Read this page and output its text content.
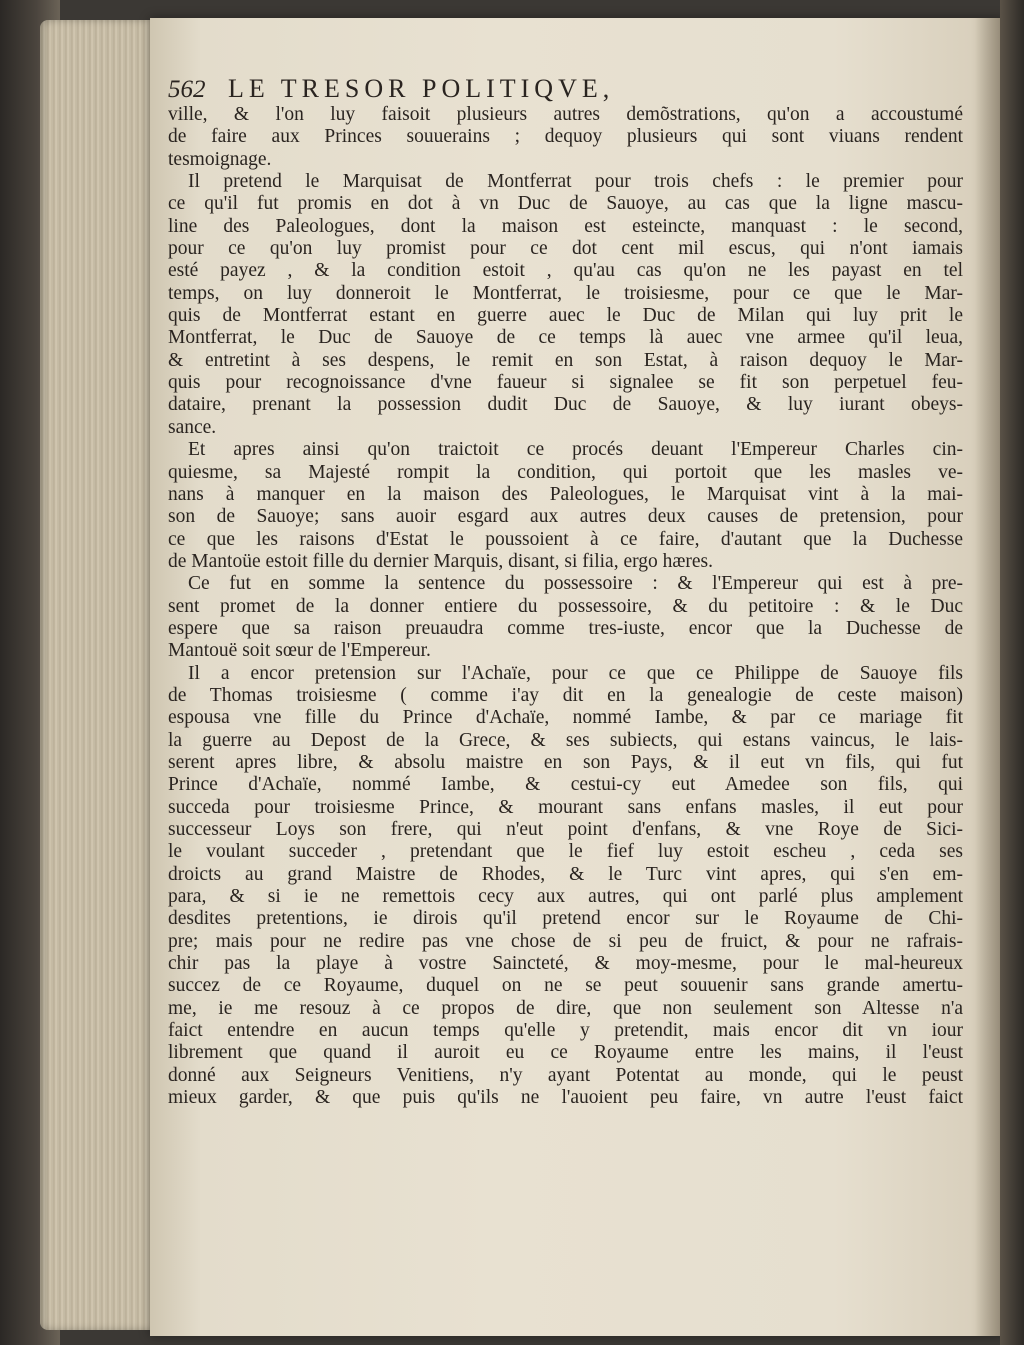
562 LE TRESOR POLITIQVE,
ville, & l'on luy faisoit plusieurs autres demõstrations, qu'on a accoustumé
de faire aux Princes souuerains ; dequoy plusieurs qui sont viuans rendent
tesmoignage.
Il pretend le Marquisat de Montferrat pour trois chefs : le premier pour
ce qu'il fut promis en dot à vn Duc de Sauoye, au cas que la ligne mascu-
line des Paleologues, dont la maison est esteincte, manquast : le second,
pour ce qu'on luy promist pour ce dot cent mil escus, qui n'ont iamais
esté payez , & la condition estoit , qu'au cas qu'on ne les payast en tel
temps, on luy donneroit le Montferrat, le troisiesme, pour ce que le Mar-
quis de Montferrat estant en guerre auec le Duc de Milan qui luy prit le
Montferrat, le Duc de Sauoye de ce temps là auec vne armee qu'il leua,
& entretint à ses despens, le remit en son Estat, à raison dequoy le Mar-
quis pour recognoissance d'vne faueur si signalee se fit son perpetuel feu-
dataire, prenant la possession dudit Duc de Sauoye, & luy iurant obeys-
sance.
Et apres ainsi qu'on traictoit ce procés deuant l'Empereur Charles cin-
quiesme, sa Majesté rompit la condition, qui portoit que les masles ve-
nans à manquer en la maison des Paleologues, le Marquisat vint à la mai-
son de Sauoye; sans auoir esgard aux autres deux causes de pretension, pour
ce que les raisons d'Estat le poussoient à ce faire, d'autant que la Duchesse
de Mantoüe estoit fille du dernier Marquis, disant, si filia, ergo hæres.
Ce fut en somme la sentence du possessoire : & l'Empereur qui est à pre-
sent promet de la donner entiere du possessoire, & du petitoire : & le Duc
espere que sa raison preuaudra comme tres-iuste, encor que la Duchesse de
Mantouë soit sœur de l'Empereur.
Il a encor pretension sur l'Achaïe, pour ce que ce Philippe de Sauoye fils
de Thomas troisiesme ( comme i'ay dit en la genealogie de ceste maison)
espousa vne fille du Prince d'Achaïe, nommé Iambe, & par ce mariage fit
la guerre au Depost de la Grece, & ses subiects, qui estans vaincus, le lais-
serent apres libre, & absolu maistre en son Pays, & il eut vn fils, qui fut
Prince d'Achaïe, nommé Iambe, & cestui-cy eut Amedee son fils, qui
succeda pour troisiesme Prince, & mourant sans enfans masles, il eut pour
successeur Loys son frere, qui n'eut point d'enfans, & vne Roye de Sici-
le voulant succeder , pretendant que le fief luy estoit escheu , ceda ses
droicts au grand Maistre de Rhodes, & le Turc vint apres, qui s'en em-
para, & si ie ne remettois cecy aux autres, qui ont parlé plus amplement
desdites pretentions, ie dirois qu'il pretend encor sur le Royaume de Chi-
pre; mais pour ne redire pas vne chose de si peu de fruict, & pour ne rafrais-
chir pas la playe à vostre Saincteté, & moy-mesme, pour le mal-heureux
succez de ce Royaume, duquel on ne se peut souuenir sans grande amertu-
me, ie me resouz à ce propos de dire, que non seulement son Altesse n'a
faict entendre en aucun temps qu'elle y pretendit, mais encor dit vn iour
librement que quand il auroit eu ce Royaume entre les mains, il l'eust
donné aux Seigneurs Venitiens, n'y ayant Potentat au monde, qui le peust
mieux garder, & que puis qu'ils ne l'auoient peu faire, vn autre l'eust faict
